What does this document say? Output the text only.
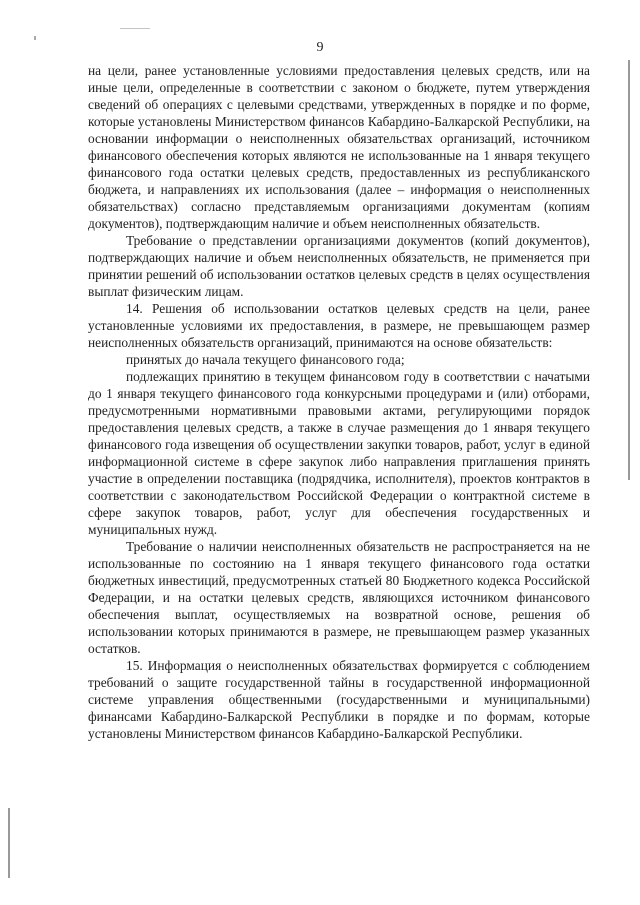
9

на цели, ранее установленные условиями предоставления целевых средств, или на иные цели, определенные в соответствии с законом о бюджете, путем утверждения сведений об операциях с целевыми средствами, утвержденных в порядке и по форме, которые установлены Министерством финансов Кабардино-Балкарской Республики, на основании информации о неисполненных обязательствах организаций, источником финансового обеспечения которых являются не использованные на 1 января текущего финансового года остатки целевых средств, предоставленных из республиканского бюджета, и направлениях их использования (далее – информация о неисполненных обязательствах) согласно представляемым организациями документам (копиям документов), подтверждающим наличие и объем неисполненных обязательств.

Требование о представлении организациями документов (копий документов), подтверждающих наличие и объем неисполненных обязательств, не применяется при принятии решений об использовании остатков целевых средств в целях осуществления выплат физическим лицам.

14. Решения об использовании остатков целевых средств на цели, ранее установленные условиями их предоставления, в размере, не превышающем размер неисполненных обязательств организаций, принимаются на основе обязательств:

принятых до начала текущего финансового года;

подлежащих принятию в текущем финансовом году в соответствии с начатыми до 1 января текущего финансового года конкурсными процедурами и (или) отборами, предусмотренными нормативными правовыми актами, регулирующими порядок предоставления целевых средств, а также в случае размещения до 1 января текущего финансового года извещения об осуществлении закупки товаров, работ, услуг в единой информационной системе в сфере закупок либо направления приглашения принять участие в определении поставщика (подрядчика, исполнителя), проектов контрактов в соответствии с законодательством Российской Федерации о контрактной системе в сфере закупок товаров, работ, услуг для обеспечения государственных и муниципальных нужд.

Требование о наличии неисполненных обязательств не распространяется на не использованные по состоянию на 1 января текущего финансового года остатки бюджетных инвестиций, предусмотренных статьей 80 Бюджетного кодекса Российской Федерации, и на остатки целевых средств, являющихся источником финансового обеспечения выплат, осуществляемых на возвратной основе, решения об использовании которых принимаются в размере, не превышающем размер указанных остатков.

15. Информация о неисполненных обязательствах формируется с соблюдением требований о защите государственной тайны в государственной информационной системе управления общественными (государственными и муниципальными) финансами Кабардино-Балкарской Республики в порядке и по формам, которые установлены Министерством финансов Кабардино-Балкарской Республики.
